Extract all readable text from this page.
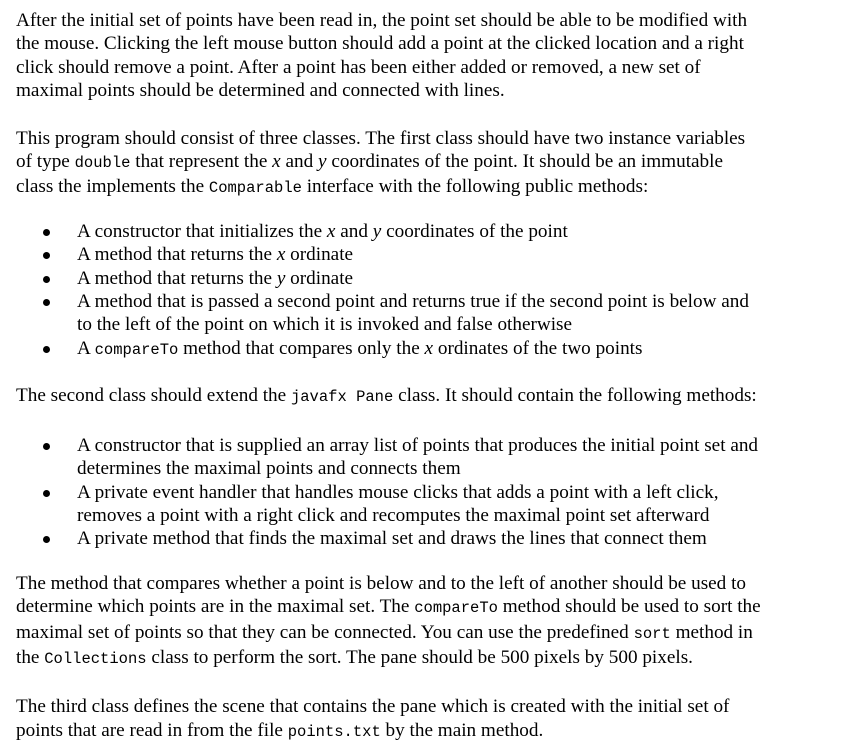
After the initial set of points have been read in, the point set should be able to be modified with
the mouse. Clicking the left mouse button should add a point at the clicked location and a right
click should remove a point. After a point has been either added or removed, a new set of
maximal points should be determined and connected with lines.

This program should consist of three classes. The first class should have two instance variables
of type double that represent the x and y coordinates of the point. It should be an immutable
class the implements the Comparable interface with the following public methods:

A constructor that initializes the x and y coordinates of the point
A method that returns the x ordinate
A method that returns the y ordinate
A method that is passed a second point and returns true if the second point is below and
to the left of the point on which it is invoked and false otherwise
A compareTo method that compares only the x ordinates of the two points

The second class should extend the javafx Pane class. It should contain the following methods:

A constructor that is supplied an array list of points that produces the initial point set and
determines the maximal points and connects them
A private event handler that handles mouse clicks that adds a point with a left click,
removes a point with a right click and recomputes the maximal point set afterward
A private method that finds the maximal set and draws the lines that connect them

The method that compares whether a point is below and to the left of another should be used to
determine which points are in the maximal set. The compareTo method should be used to sort the
maximal set of points so that they can be connected. You can use the predefined sort method in
the Collections class to perform the sort. The pane should be 500 pixels by 500 pixels.

The third class defines the scene that contains the pane which is created with the initial set of
points that are read in from the file points.txt by the main method.
